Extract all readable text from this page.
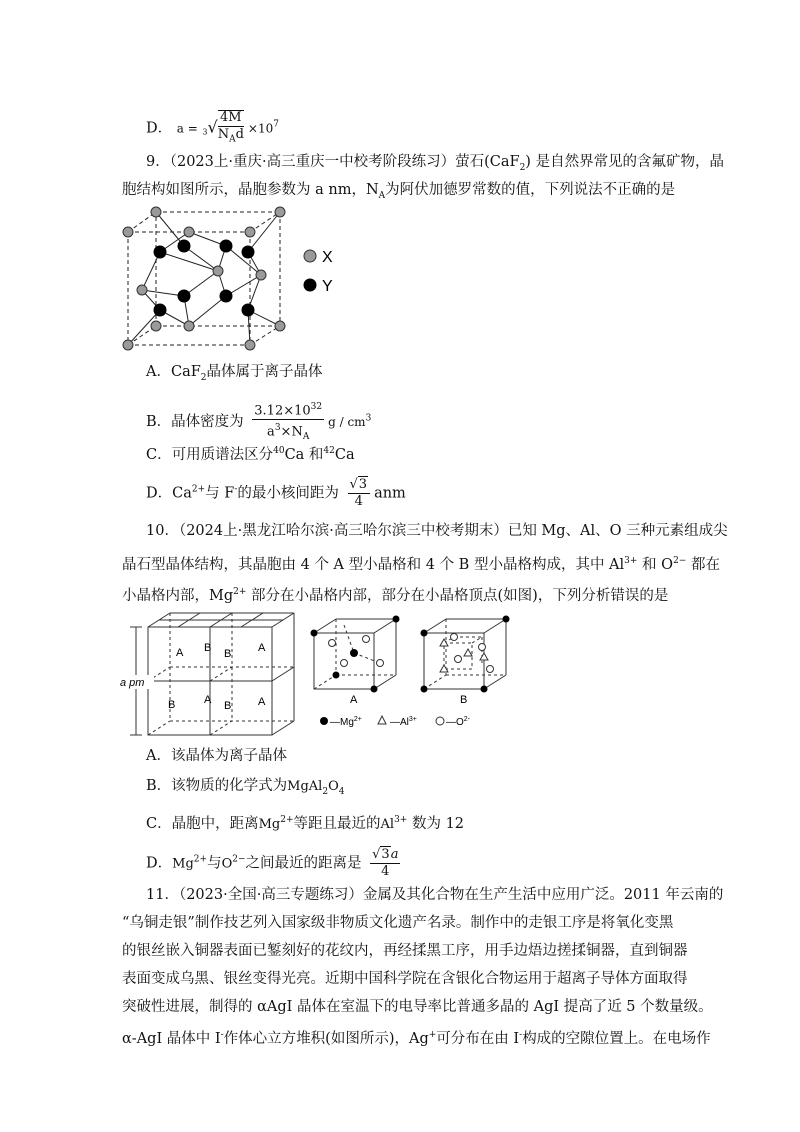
D． $a = ^3√ \frac{4M}{N_Ad} \times 10^7$
9．（2023上·重庆·高三重庆一中校考阶段练习）萤石(CaF$_2$) 是自然界常见的含氟矿物，晶
胞结构如图所示，晶胞参数为 a nm，$N_A$为阿伏加德罗常数的值，下列说法不正确的是
X
Y
A．CaF$_2$晶体属于离子晶体
B．晶体密度为 $\frac{3.12\times 10^{32}}{a^3\times N_A}$ g / $cm^3$
C．可用质谱法区分$^{40}$Ca 和$^{42}$Ca
D．$Ca^{2+}$与 F-的最小核间距为 $\frac{√3}{4}$ anm
10．（2024上·黑龙江哈尔滨·高三哈尔滨三中校考期末）已知 Mg、Al、O 三种元素组成尖
晶石型晶体结构，其晶胞由 4 个 A 型小晶格和 4 个 B 型小晶格构成，其中 $Al^{3+}$ 和 $O^{2-}$ 都在
小晶格内部，$Mg^{2+}$ 部分在小晶格内部，部分在小晶格顶点(如图)，下列分析错误的是
a pm
A B B A
A
B	B A	A	B
$—Mg^{2+}$	$—Al^{3+}$	$—O^{2-}$
A．该晶体为离子晶体
B．该物质的化学式为$MgAl_2O_4$
C．晶胞中，距离$Mg^{2+}$等距且最近的$Al^{3+}$ 数为 12
D．$Mg^{2+}$与$O^{2-}$之间最近的距离是 $\frac{√3a}{4}$
11．（2023·全国·高三专题练习）金属及其化合物在生产生活中应用广泛。2011 年云南的
“乌铜走银”制作技艺列入国家级非物质文化遗产名录。制作中的走银工序是将氧化变黑
的银丝嵌入铜器表面已錾刻好的花纹内，再经揉黑工序，用手边焐边搓揉铜器，直到铜器
表面变成乌黑、银丝变得光亮。近期中国科学院在含银化合物运用于超离子导体方面取得
突破性进展，制得的 αAgI 晶体在室温下的电导率比普通多晶的 AgI 提高了近 5 个数量级。
α-AgI 晶体中 I-作体心立方堆积(如图所示)，Ag+可分布在由 I-构成的空隙位置上。在电场作
